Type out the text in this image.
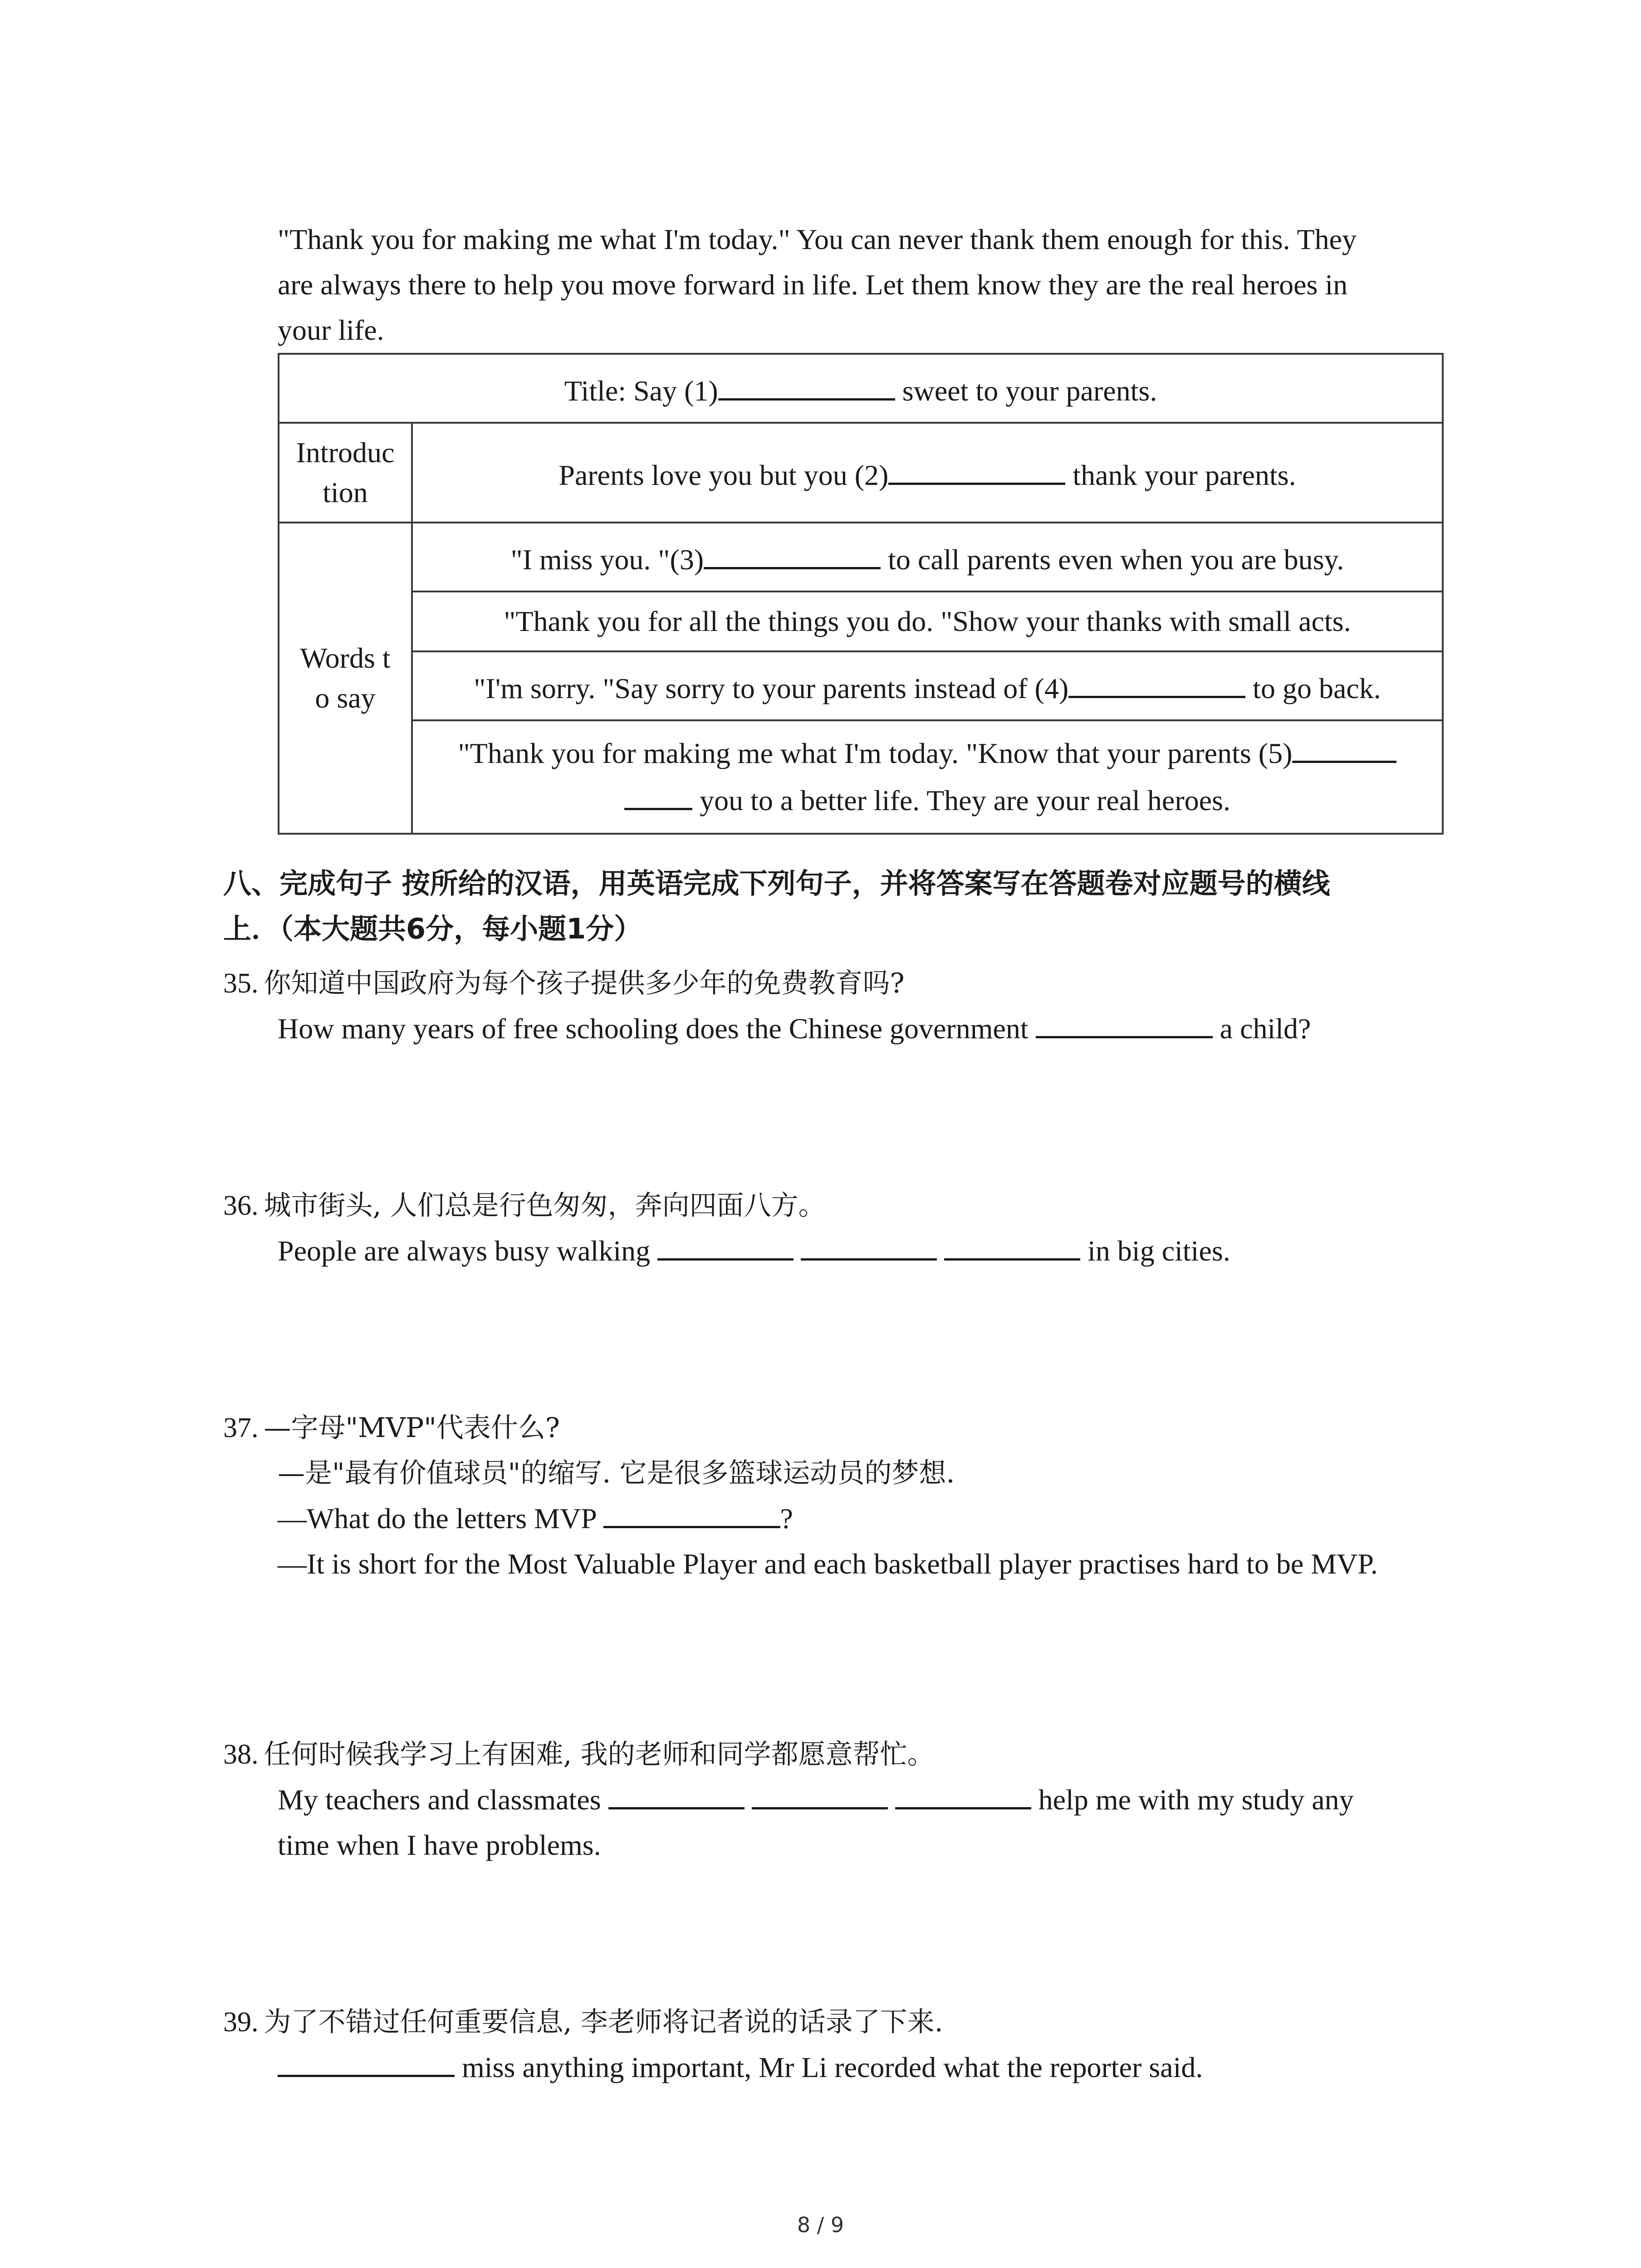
"Thank you for making me what I'm today." You can never thank them enough for this. They
are always there to help you move forward in life. Let them know they are the real heroes in
your life.
Title: Say (1) sweet to your parents.	

Introduc
tion	Parents love you but you (2) thank your parents.

Words t
o say	"I miss you. "(3) to call parents even when you are busy.
	"Thank you for all the things you do. "Show your thanks with small acts.
	"I'm sorry. "Say sorry to your parents instead of (4) to go back.

	"Thank you for making me what I'm today. "Know that your parents (5)
you to a better life. They are your real heroes.
八、完成句子 按所给的汉语，用英语完成下列句子，并将答案写在答题卷对应题号的横线
上．（本大题共6分，每小题1分）
35. 你知道中国政府为每个孩子提供多少年的免费教育吗?
How many years of free schooling does the Chinese government	a child?
36. 城市街头, 人们总是行色匆匆，奔向四面八方。
People are always busy walking	in big cities.
37. —字母"MVP"代表什么?
—是"最有价值球员"的缩写. 它是很多篮球运动员的梦想.
—What do the letters MVP	?
—It is short for the Most Valuable Player and each basketball player practises hard to be MVP.
38. 任何时候我学习上有困难, 我的老师和同学都愿意帮忙。
My teachers and classmates	help me with my study any
time when I have problems.
39. 为了不错过任何重要信息, 李老师将记者说的话录了下来.
miss anything important, Mr Li recorded what the reporter said.
8 / 9
